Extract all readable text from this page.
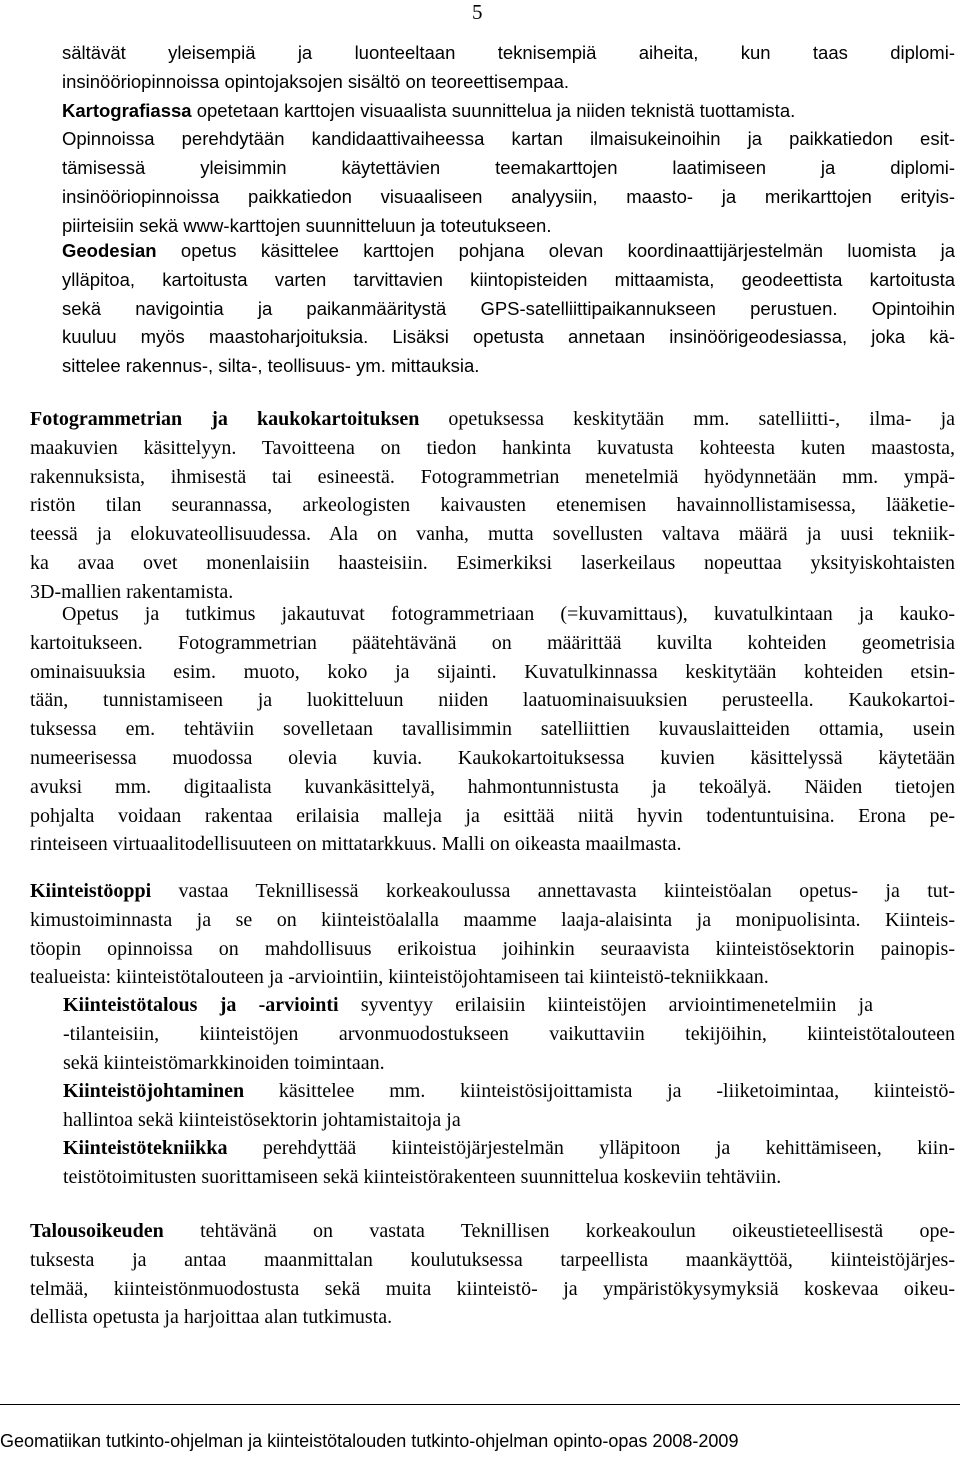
5
sältävät yleisempiä ja luonteeltaan teknisempiä aiheita, kun taas diplomi-
insinööriopinnoissa opintojaksojen sisältö on teoreettisempaa.
Kartografiassa opetetaan karttojen visuaalista suunnittelua ja niiden teknistä tuottamista.
Opinnoissa perehdytään kandidaattivaiheessa kartan ilmaisukeinoihin ja paikkatiedon esit-
tämisessä yleisimmin käytettävien teemakarttojen laatimiseen ja diplomi-
insinööriopinnoissa paikkatiedon visuaaliseen analyysiin, maasto- ja merikarttojen erityis-
piirteisiin sekä www-karttojen suunnitteluun ja toteutukseen.
Geodesian opetus käsittelee karttojen pohjana olevan koordinaattijärjestelmän luomista ja
ylläpitoa, kartoitusta varten tarvittavien kiintopisteiden mittaamista, geodeettista kartoitusta
sekä navigointia ja paikanmääritystä GPS-satelliittipaikannukseen perustuen. Opintoihin
kuuluu myös maastoharjoituksia. Lisäksi opetusta annetaan insinöörigeodesiassa, joka kä-
sittelee rakennus-, silta-, teollisuus- ym. mittauksia.
Fotogrammetrian ja kaukokartoituksen opetuksessa keskitytään mm. satelliitti-, ilma- ja
maakuvien käsittelyyn. Tavoitteena on tiedon hankinta kuvatusta kohteesta kuten maastosta,
rakennuksista, ihmisestä tai esineestä. Fotogrammetrian menetelmiä hyödynnetään mm. ympä-
ristön tilan seurannassa, arkeologisten kaivausten etenemisen havainnollistamisessa, lääketie-
teessä ja elokuvateollisuudessa. Ala on vanha, mutta sovellusten valtava määrä ja uusi tekniik-
ka avaa ovet monenlaisiin haasteisiin. Esimerkiksi laserkeilaus nopeuttaa yksityiskohtaisten
3D-mallien rakentamista.
Opetus ja tutkimus jakautuvat fotogrammetriaan (=kuvamittaus), kuvatulkintaan ja kauko-
kartoitukseen. Fotogrammetrian päätehtävänä on määrittää kuvilta kohteiden geometrisia
ominaisuuksia esim. muoto, koko ja sijainti. Kuvatulkinnassa keskitytään kohteiden etsin-
tään, tunnistamiseen ja luokitteluun niiden laatuominaisuuksien perusteella. Kaukokartoi-
tuksessa em. tehtäviin sovelletaan tavallisimmin satelliittien kuvauslaitteiden ottamia, usein
numeerisessa muodossa olevia kuvia. Kaukokartoituksessa kuvien käsittelyssä käytetään
avuksi mm. digitaalista kuvankäsittelyä, hahmontunnistusta ja tekoälyä. Näiden tietojen
pohjalta voidaan rakentaa erilaisia malleja ja esittää niitä hyvin todentuntuisina. Erona pe-
rinteiseen virtuaalitodellisuuteen on mittatarkkuus. Malli on oikeasta maailmasta.
Kiinteistöoppi vastaa Teknillisessä korkeakoulussa annettavasta kiinteistöalan opetus- ja tut-
kimustoiminnasta ja se on kiinteistöalalla maamme laaja-alaisinta ja monipuolisinta. Kiinteis-
töopin opinnoissa on mahdollisuus erikoistua joihinkin seuraavista kiinteistösektorin painopis-
tealueista: kiinteistötalouteen ja -arviointiin, kiinteistöjohtamiseen tai kiinteistö-tekniikkaan.
Kiinteistötalous ja -arviointi syventyy erilaisiin kiinteistöjen arviointimenetelmiin ja
-tilanteisiin, kiinteistöjen arvonmuodostukseen vaikuttaviin tekijöihin, kiinteistötalouteen
sekä kiinteistömarkkinoiden toimintaan.
Kiinteistöjohtaminen käsittelee mm. kiinteistösijoittamista ja -liiketoimintaa, kiinteistö-
hallintoa sekä kiinteistösektorin johtamistaitoja ja
Kiinteistötekniikka perehdyttää kiinteistöjärjestelmän ylläpitoon ja kehittämiseen, kiin-
teistötoimitusten suorittamiseen sekä kiinteistörakenteen suunnittelua koskeviin tehtäviin.
Talousoikeuden tehtävänä on vastata Teknillisen korkeakoulun oikeustieteellisestä ope-
tuksesta ja antaa maanmittalan koulutuksessa tarpeellista maankäyttöä, kiinteistöjärjes-
telmää, kiinteistönmuodostusta sekä muita kiinteistö- ja ympäristökysymyksiä koskevaa oikeu-
dellista opetusta ja harjoittaa alan tutkimusta.
Geomatiikan tutkinto-ohjelman ja kiinteistötalouden tutkinto-ohjelman opinto-opas 2008-2009
